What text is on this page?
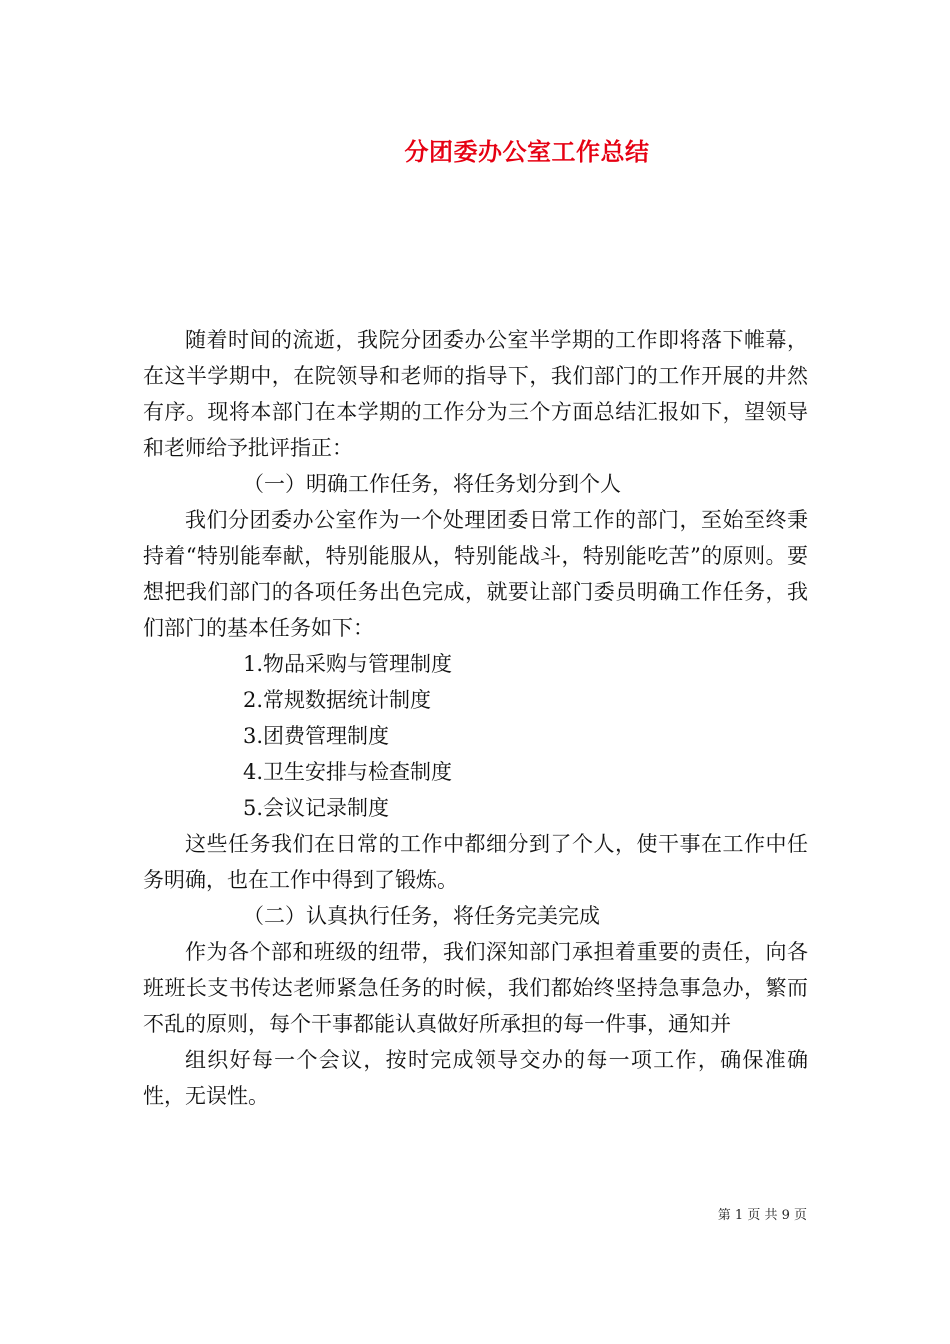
分团委办公室工作总结

随着时间的流逝，我院分团委办公室半学期的工作即将落下帷幕，在这半学期中，在院领导和老师的指导下，我们部门的工作开展的井然有序。现将本部门在本学期的工作分为三个方面总结汇报如下，望领导和老师给予批评指正：

（一）明确工作任务，将任务划分到个人

我们分团委办公室作为一个处理团委日常工作的部门，至始至终秉持着“特别能奉献，特别能服从，特别能战斗，特别能吃苦”的原则。要想把我们部门的各项任务出色完成，就要让部门委员明确工作任务，我们部门的基本任务如下：

1.物品采购与管理制度

2.常规数据统计制度

3.团费管理制度

4.卫生安排与检查制度

5.会议记录制度

这些任务我们在日常的工作中都细分到了个人，使干事在工作中任务明确，也在工作中得到了锻炼。

（二）认真执行任务，将任务完美完成

作为各个部和班级的纽带，我们深知部门承担着重要的责任，向各班班长支书传达老师紧急任务的时候，我们都始终坚持急事急办，繁而不乱的原则，每个干事都能认真做好所承担的每一件事，通知并

组织好每一个会议，按时完成领导交办的每一项工作，确保准确性，无误性。

第 1 页 共 9 页
